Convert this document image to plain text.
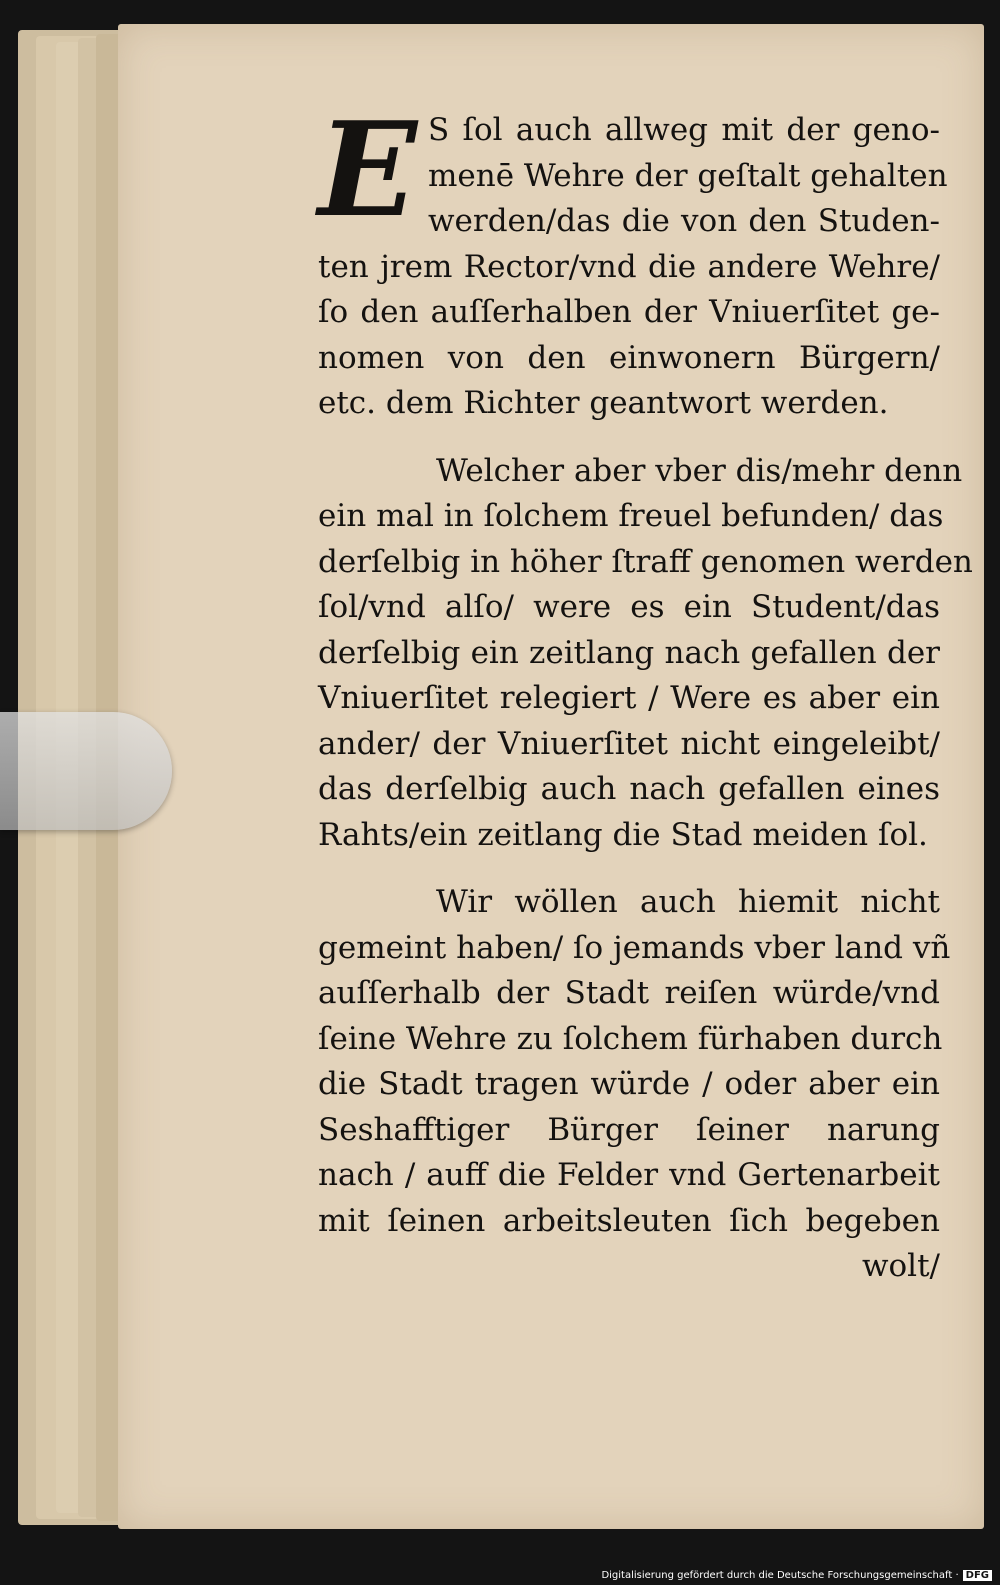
E S ſol auch allweg mit der geno-
menē Wehre der geſtalt gehalten
werden/das die von den Studen-
ten jrem Rector/vnd die andere Wehre/
ſo den auſſerhalben der Vniuerſitet ge-
nomen von den einwonern Bürgern/
etc. dem Richter geantwort werden.
Welcher aber vber dis/mehr denn
ein mal in ſolchem freuel befunden/ das
derſelbig in höher ſtraff genomen werden
ſol/vnd alſo/ were es ein Student/das
derſelbig ein zeitlang nach gefallen der
Vniuerſitet relegiert / Were es aber ein
ander/ der Vniuerſitet nicht eingeleibt/
das derſelbig auch nach gefallen eines
Rahts/ein zeitlang die Stad meiden ſol.
Wir wöllen auch hiemit nicht
gemeint haben/ ſo jemands vber land vñ
auſſerhalb der Stadt reiſen würde/vnd
ſeine Wehre zu ſolchem fürhaben durch
die Stadt tragen würde / oder aber ein
Seshafftiger Bürger ſeiner narung
nach / auff die Felder vnd Gertenarbeit
mit ſeinen arbeitsleuten ſich begeben
wolt/
Digitalisierung gefördert durch die Deutsche Forschungsgemeinschaft · DFG
